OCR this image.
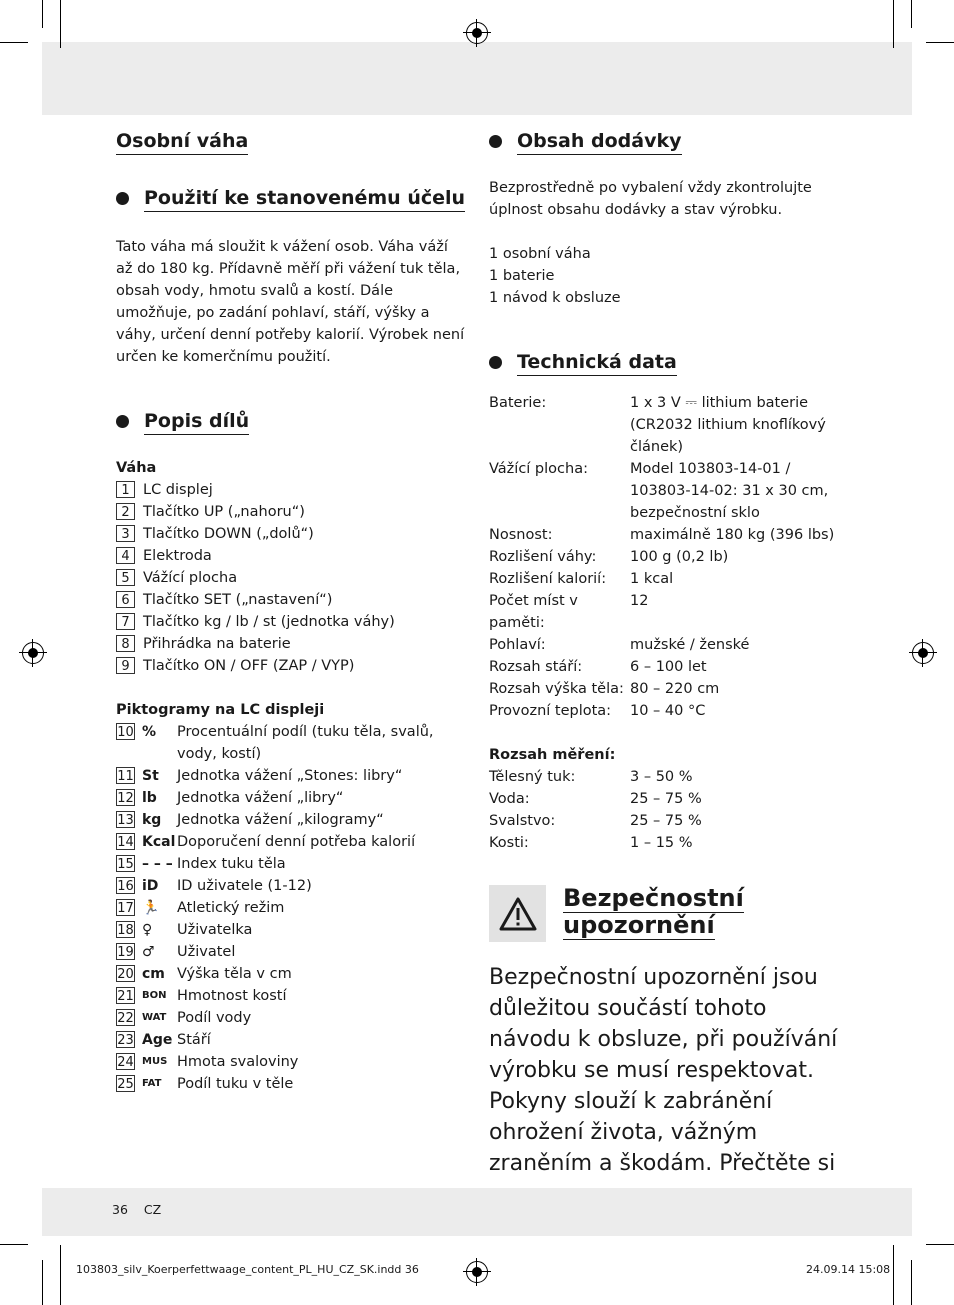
Osobní váha
Použití ke stanovenému účelu

Tato váha má sloužit k vážení osob. Váha váží až do 180 kg. Přídavně měří při vážení tuk těla, obsah vody, hmotu svalů a kostí. Dále umožňuje, po zadání pohlaví, stáří, výšky a váhy, určení denní potřeby kalorií. Výrobek není určen ke komerčnímu použití.

Popis dílů
Váha
1 LC displej
2 Tlačítko UP („nahoru“)
3 Tlačítko DOWN („dolů“)
4 Elektroda
5 Vážící plocha
6 Tlačítko SET („nastavení“)
7 Tlačítko kg / lb / st (jednotka váhy)
8 Přihrádka na baterie
9 Tlačítko ON / OFF (ZAP / VYP)
Piktogramy na LC displeji
10 %	Procentuální podíl (tuku těla, svalů, vody, kostí)
11 St	Jednotka vážení „Stones: libry“
12 lb	Jednotka vážení „libry“
13 kg	Jednotka vážení „kilogramy“
14 Kcal Doporučení denní potřeba kalorií
15 – – – Index tuku těla
16 iD	ID uživatele (1-12)
17 🏃	Atletický režim
18 ♀	Uživatelka
19 ♂	Uživatel
20 cm Výška těla v cm
21 BON Hmotnost kostí
22 WAT Podíl vody
23 Age Stáří
24 MUS Hmota svaloviny
25 FAT	Podíl tuku v těle
Obsah dodávky

Bezprostředně po vybalení vždy zkontrolujte úplnost obsahu dodávky a stav výrobku.

1 osobní váha
1 baterie
1 návod k obsluze
Technická data
Baterie:	1 x 3 V ⎓ lithium baterie (CR2032 lithium knoflíkový článek)
Vážící plocha:	Model 103803-14-01 / 103803-14-02: 31 x 30 cm, bezpečnostní sklo
Nosnost:	maximálně 180 kg (396 lbs)
Rozlišení váhy:	100 g (0,2 lb)
Rozlišení kalorií:	1 kcal
Počet míst v paměti:
12
Pohlaví:	mužské / ženské
Rozsah stáří:	6 – 100 let
Rozsah výška těla: 80 – 220 cm
Provozní teplota:	10 – 40 °C
Rozsah měření:
Tělesný tuk:	3 – 50 %
Voda:	25 – 75 %
Svalstvo:	25 – 75 %
Kosti:	1 – 15 %
Bezpečnostní
upozornění

Bezpečnostní upozornění jsou důležitou součástí tohoto návodu k obsluze, při používání výrobku se musí respektovat. Pokyny slouží k zabránění ohrožení života, vážným zraněním a škodám. Přečtěte si

36 CZ
103803_silv_Koerperfettwaage_content_PL_HU_CZ_SK.indd 36	24.09.14 15:08
